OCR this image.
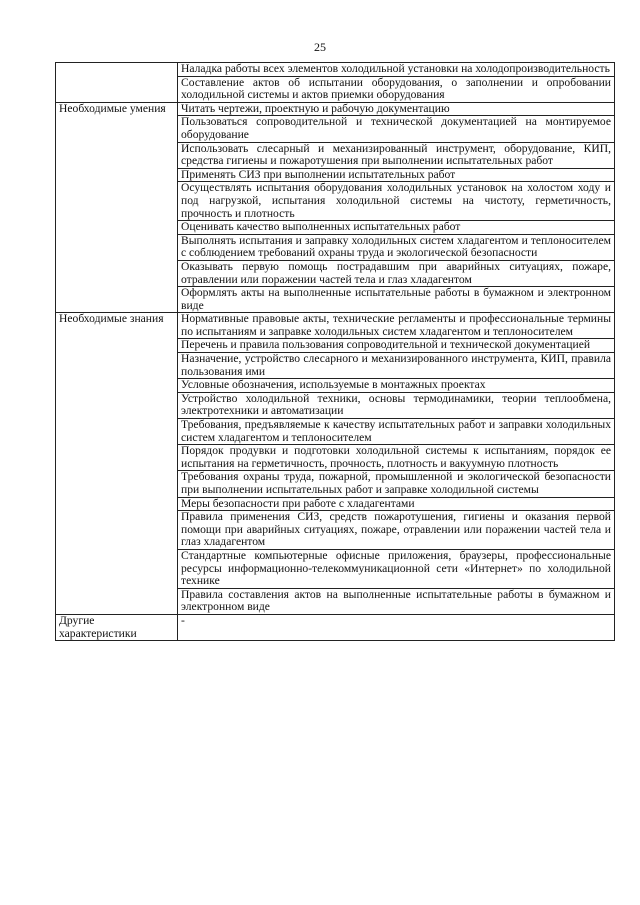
25
	Наладка работы всех элементов холодильной установки на холодопроизводительность
	Составление актов об испытании оборудования, о заполнении и опробовании холодильной системы и актов приемки оборудования
Необходимые умения	Читать чертежи, проектную и рабочую документацию
	Пользоваться сопроводительной и технической документацией на монтируемое оборудование
	Использовать слесарный и механизированный инструмент, оборудование, КИП, средства гигиены и пожаротушения при выполнении испытательных работ
	Применять СИЗ при выполнении испытательных работ
	Осуществлять испытания оборудования холодильных установок на холостом ходу и под нагрузкой, испытания холодильной системы на чистоту, герметичность, прочность и плотность
	Оценивать качество выполненных испытательных работ
	Выполнять испытания и заправку холодильных систем хладагентом и теплоносителем с соблюдением требований охраны труда и экологической безопасности
	Оказывать первую помощь пострадавшим при аварийных ситуациях, пожаре, отравлении или поражении частей тела и глаз хладагентом
	Оформлять акты на выполненные испытательные работы в бумажном и электронном виде
Необходимые знания	Нормативные правовые акты, технические регламенты и профессиональные термины по испытаниям и заправке холодильных систем хладагентом и теплоносителем
	Перечень и правила пользования сопроводительной и технической документацией
	Назначение, устройство слесарного и механизированного инструмента, КИП, правила пользования ими
	Условные обозначения, используемые в монтажных проектах
	Устройство холодильной техники, основы термодинамики, теории теплообмена, электротехники и автоматизации
	Требования, предъявляемые к качеству испытательных работ и заправки холодильных систем хладагентом и теплоносителем
	Порядок продувки и подготовки холодильной системы к испытаниям, порядок ее испытания на герметичность, прочность, плотность и вакуумную плотность
	Требования охраны труда, пожарной, промышленной и экологической безопасности при выполнении испытательных работ и заправке холодильной системы
	Меры безопасности при работе с хладагентами
	Правила применения СИЗ, средств пожаротушения, гигиены и оказания первой помощи при аварийных ситуациях, пожаре, отравлении или поражении частей тела и глаз хладагентом
	Стандартные компьютерные офисные приложения, браузеры, профессиональные ресурсы информационно-телекоммуникационной сети «Интернет» по холодильной технике
	Правила составления актов на выполненные испытательные работы в бумажном и электронном виде
Другие характеристики	-
